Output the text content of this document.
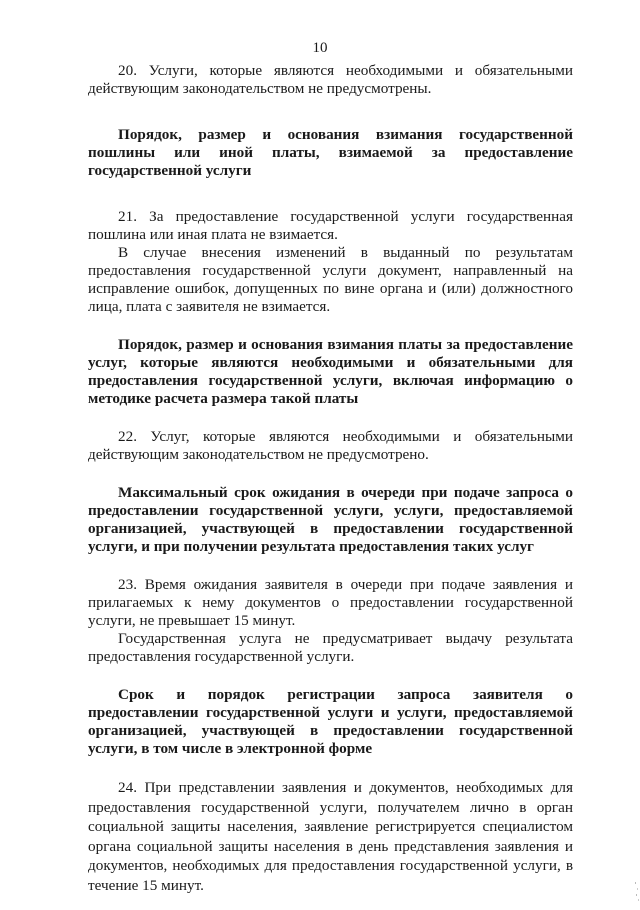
10

20. Услуги, которые являются необходимыми и обязательными действующим законодательством не предусмотрены.

Порядок, размер и основания взимания государственной пошлины или иной платы, взимаемой за предоставление государственной услуги

21. За предоставление государственной услуги государственная пошлина или иная плата не взимается.

В случае внесения изменений в выданный по результатам предоставления государственной услуги документ, направленный на исправление ошибок, допущенных по вине органа и (или) должностного лица, плата с заявителя не взимается.

Порядок, размер и основания взимания платы за предоставление услуг, которые являются необходимыми и обязательными для предоставления государственной услуги, включая информацию о методике расчета размера такой платы

22. Услуг, которые являются необходимыми и обязательными действующим законодательством не предусмотрено.

Максимальный срок ожидания в очереди при подаче запроса о предоставлении государственной услуги, услуги, предоставляемой организацией, участвующей в предоставлении государственной услуги, и при получении результата предоставления таких услуг

23. Время ожидания заявителя в очереди при подаче заявления и прилагаемых к нему документов о предоставлении государственной услуги, не превышает 15 минут.

Государственная услуга не предусматривает выдачу результата предоставления государственной услуги.

Срок и порядок регистрации запроса заявителя о предоставлении государственной услуги и услуги, предоставляемой организацией, участвующей в предоставлении государственной услуги, в том числе в электронной форме

24. При представлении заявления и документов, необходимых для предоставления государственной услуги, получателем лично в орган социальной защиты населения, заявление регистрируется специалистом органа социальной защиты населения в день представления заявления и документов, необходимых для предоставления государственной услуги, в течение 15 минут.
